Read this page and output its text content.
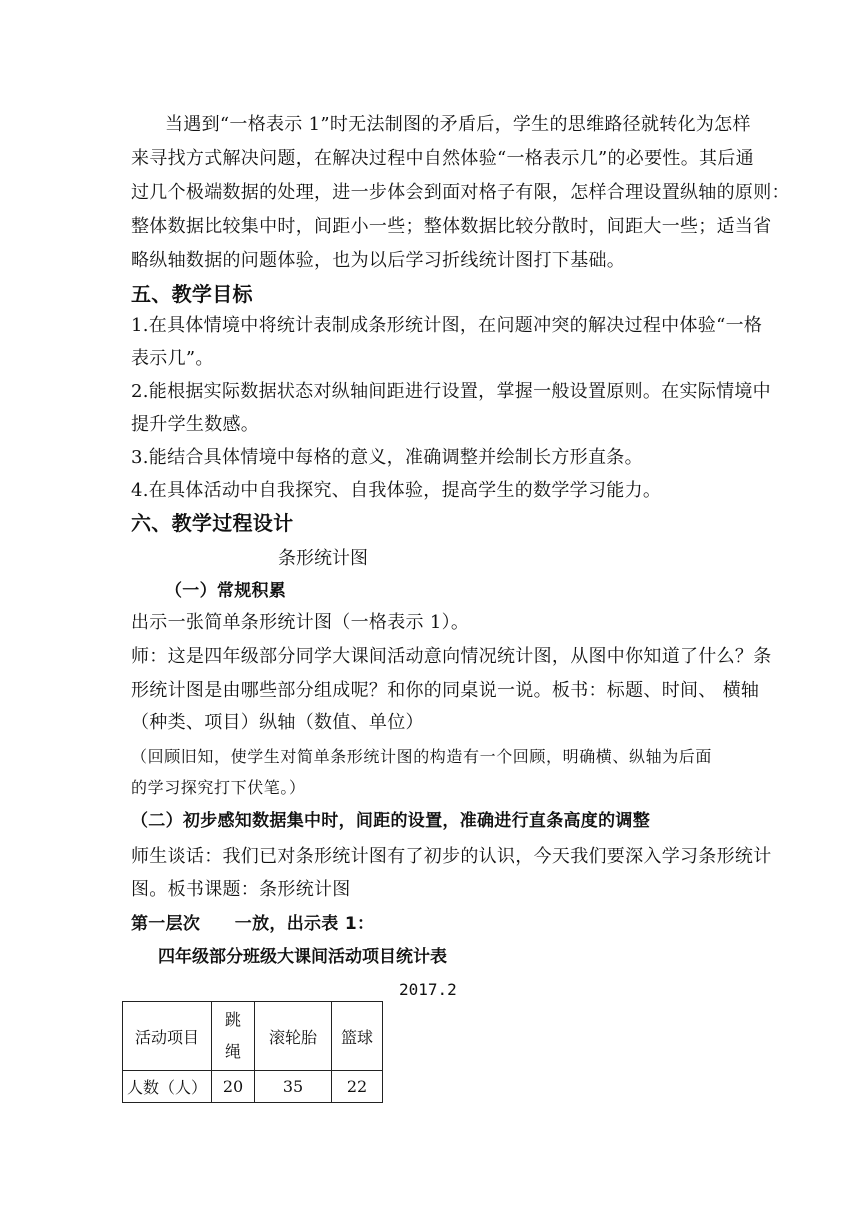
当遇到“一格表示 1”时无法制图的矛盾后，学生的思维路径就转化为怎样
来寻找方式解决问题，在解决过程中自然体验“一格表示几”的必要性。其后通
过几个极端数据的处理，进一步体会到面对格子有限，怎样合理设置纵轴的原则：
整体数据比较集中时，间距小一些；整体数据比较分散时，间距大一些；适当省
略纵轴数据的问题体验，也为以后学习折线统计图打下基础。
五、教学目标
1.在具体情境中将统计表制成条形统计图，在问题冲突的解决过程中体验“一格
表示几”。
2.能根据实际数据状态对纵轴间距进行设置，掌握一般设置原则。在实际情境中
提升学生数感。
3.能结合具体情境中每格的意义，准确调整并绘制长方形直条。
4.在具体活动中自我探究、自我体验，提高学生的数学学习能力。
六、教学过程设计
条形统计图
（一）常规积累
出示一张简单条形统计图（一格表示 1）。
师：这是四年级部分同学大课间活动意向情况统计图，从图中你知道了什么？条
形统计图是由哪些部分组成呢？和你的同桌说一说。板书：标题、时间、 横轴
（种类、项目）纵轴（数值、单位）
（回顾旧知，使学生对简单条形统计图的构造有一个回顾，明确横、纵轴为后面
的学习探究打下伏笔。）
（二）初步感知数据集中时，间距的设置，准确进行直条高度的调整
师生谈话：我们已对条形统计图有了初步的认识，今天我们要深入学习条形统计
图。板书课题：条形统计图
第一层次　　一放，出示表 1：
四年级部分班级大课间活动项目统计表
2017.2
活动项目	跳绳	滚轮胎	篮球
人数（人）	20	35	22
